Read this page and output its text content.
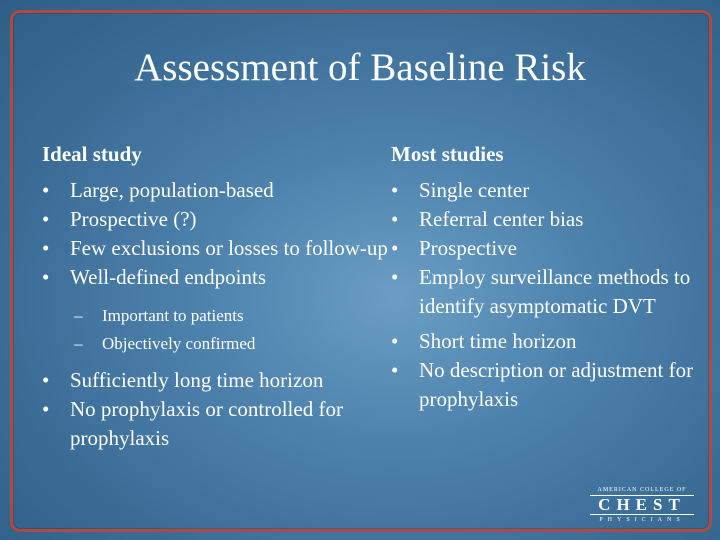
Assessment of Baseline Risk
Ideal study
• Large, population-based
• Prospective (?)
• Few exclusions or losses to follow-up
• Well-defined endpoints
– Important to patients
– Objectively confirmed
• Sufficiently long time horizon
• No prophylaxis or controlled for prophylaxis
Most studies
• Single center
• Referral center bias
• Prospective
• Employ surveillance methods to identify asymptomatic DVT
• Short time horizon
• No description or adjustment for prophylaxis
AMERICAN COLLEGE OF
CHEST
PHYSICIANS
